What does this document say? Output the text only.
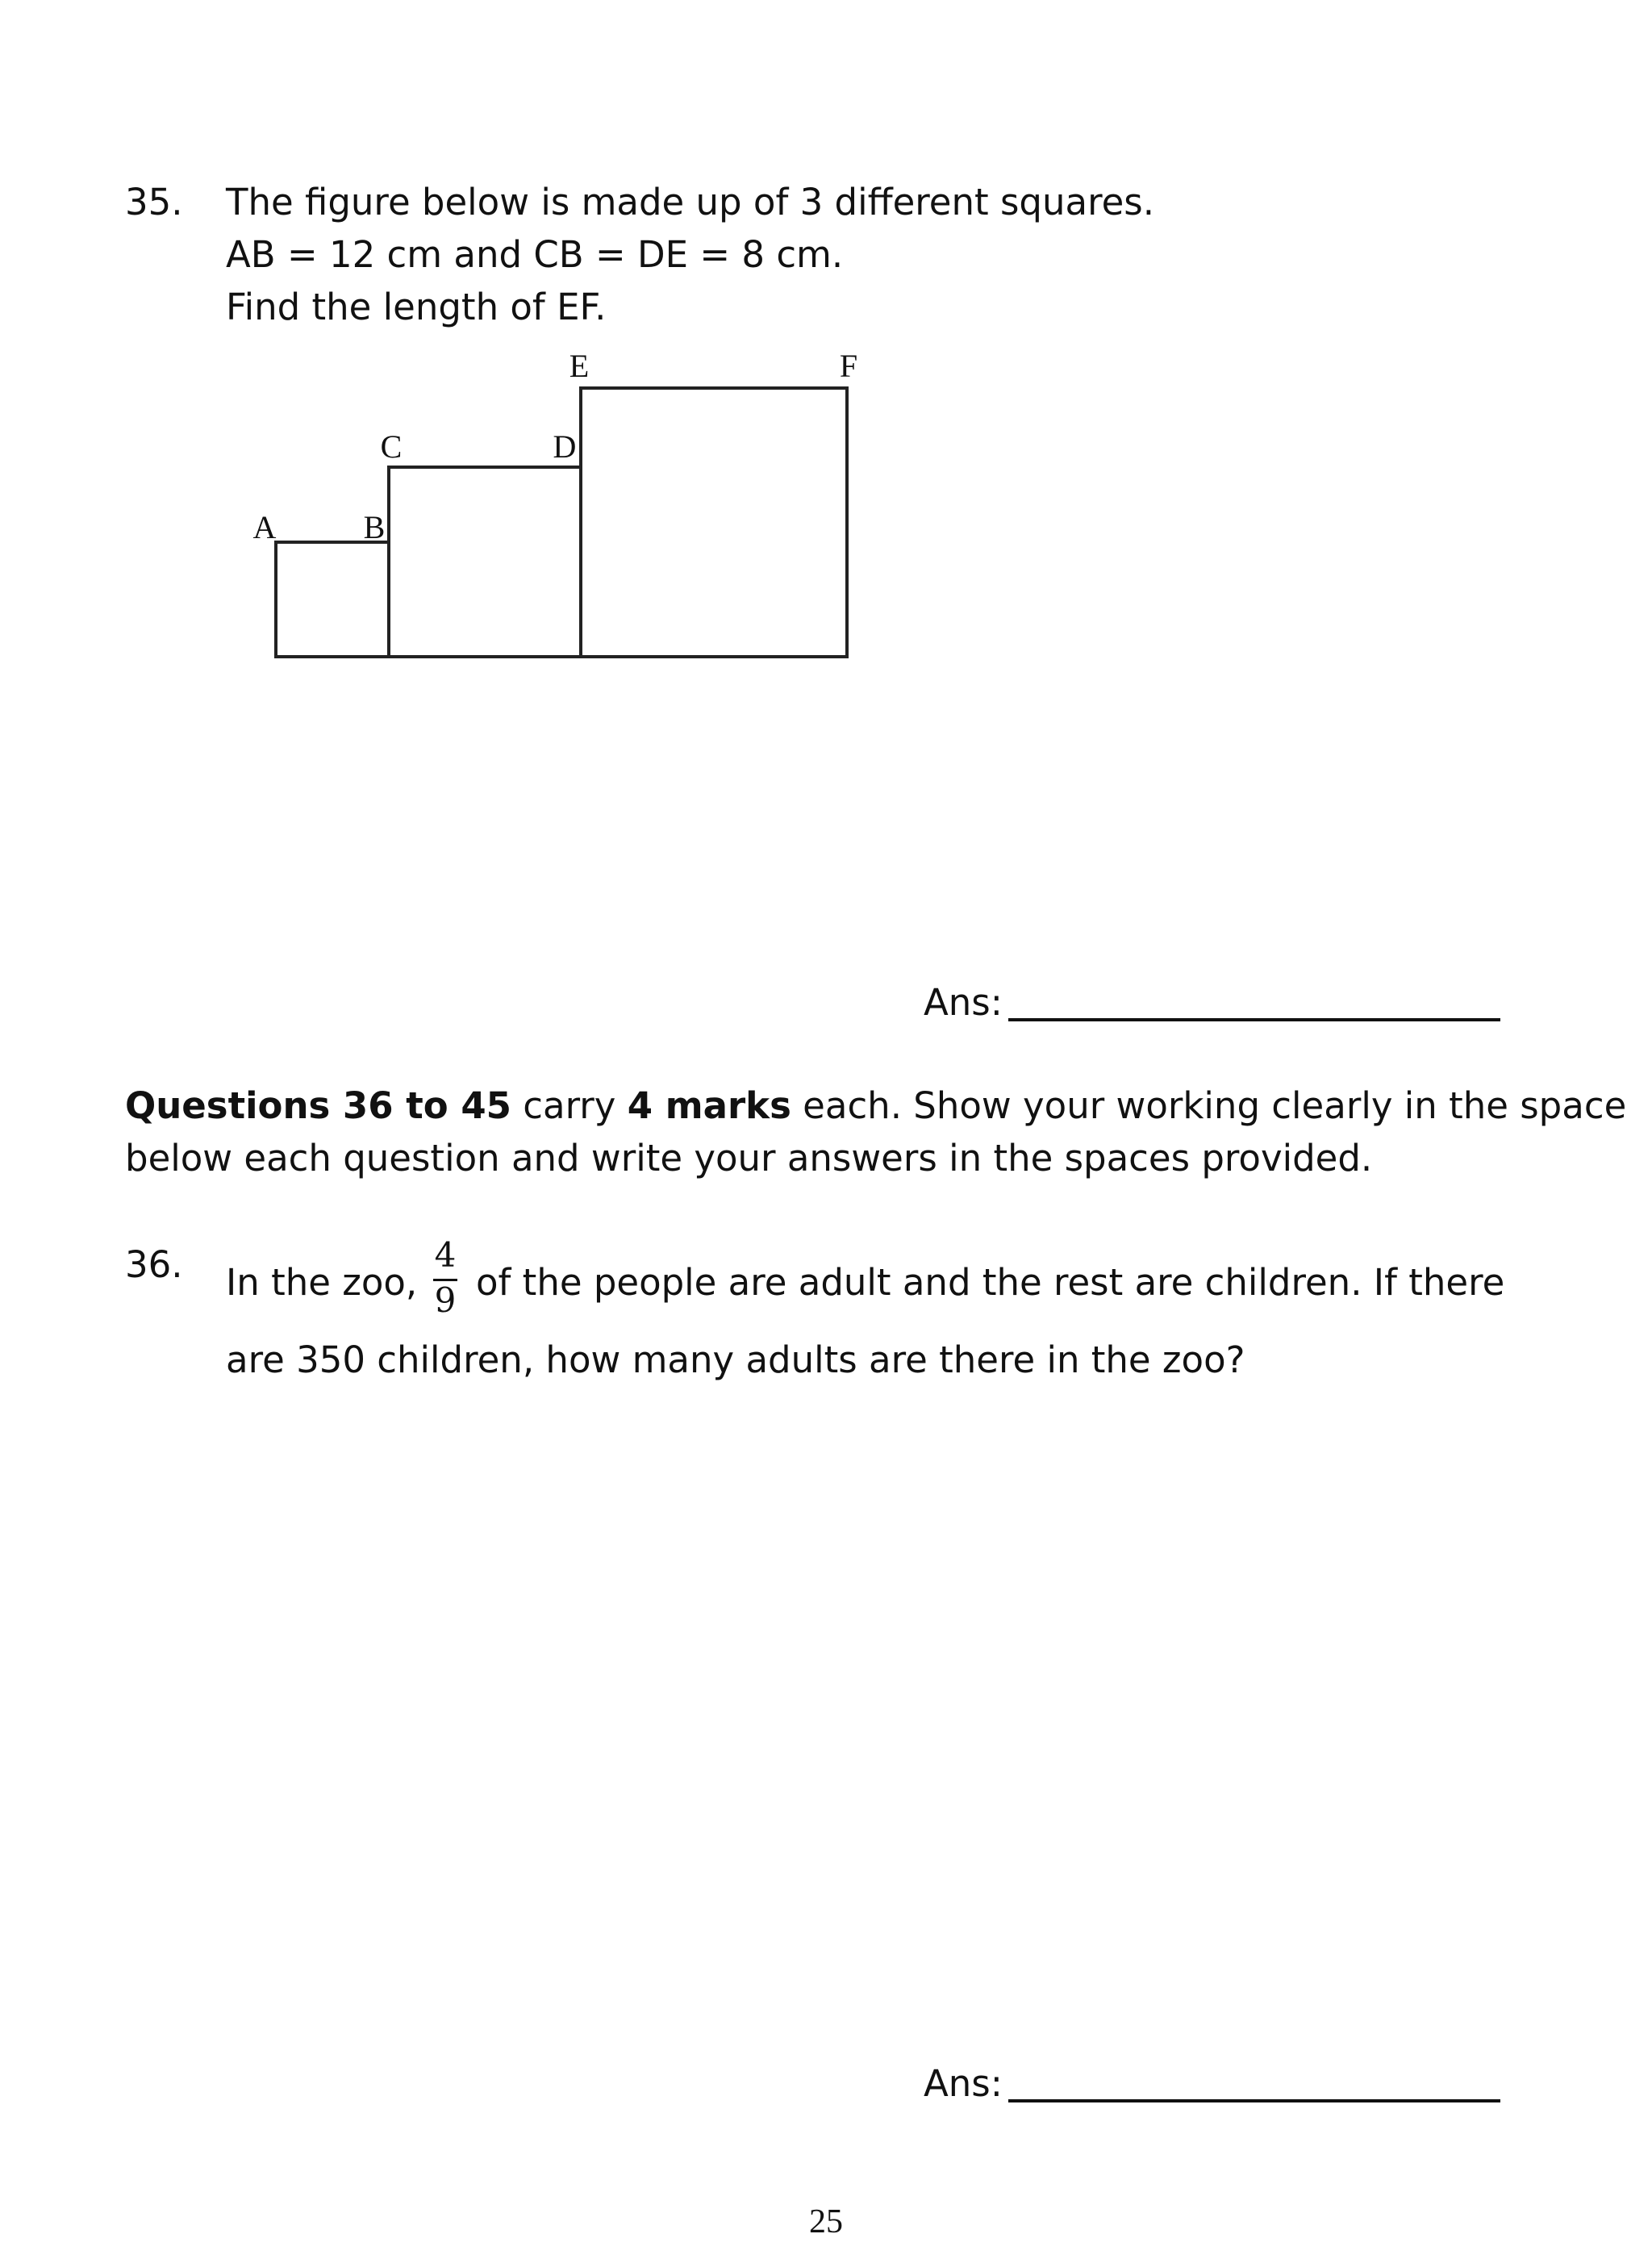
35. The figure below is made up of 3 different squares.
AB = 12 cm and CB = DE = 8 cm.
Find the length of EF.
A	B
C	D
E	F
Ans:
Questions 36 to 45 carry 4 marks each. Show your working clearly in the space
below each question and write your answers in the spaces provided.
36. In the zoo,
4
9 of the people are adult and the rest are children. If there
are 350 children, how many adults are there in the zoo?
Ans:
25
